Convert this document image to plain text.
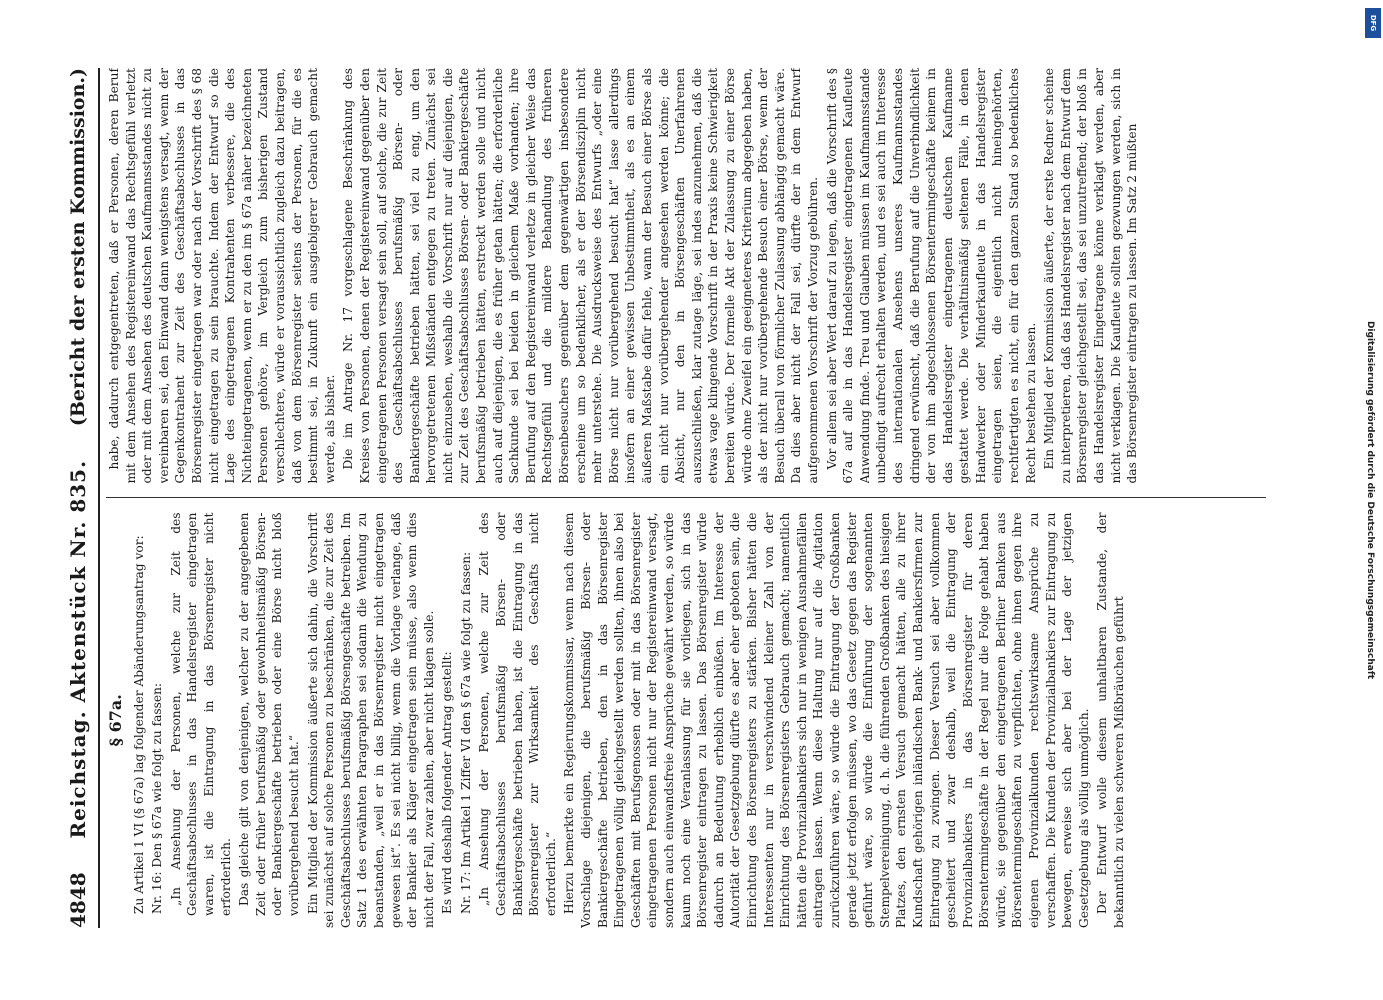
4848
Reichstag. Aktenstück Nr. 835.
(Bericht der ersten Kommission.)
§ 67a. Zu Artikel 1 VI (§ 67a) lag folgender Abänderungsantrag vor: Nr. 16: Den § 67a wie folgt zu fassen: „In Ansehung der Personen, welche zur Zeit des Geschäftsabschlusses in das Handelsregister eingetragen waren, ist die Eintragung in das Börsenregister nicht erforderlich. Das gleiche gilt von denjenigen, welcher zu der angegebenen Zeit oder früher berufsmäßig oder gewohnheitsmäßig Börsen- oder Bankiergeschäfte betrieben oder eine Börse nicht bloß vorübergehend besucht hat.“ Ein Mitglied der Kommission äußerte sich dahin, die Vorschrift sei zunächst auf solche Personen zu beschränken, die zur Zeit des Geschäftsabschlusses berufsmäßig Börsengeschäfte betreiben. Im Satz 1 des erwähnten Paragraphen sei sodann die Wendung zu beanstanden, „weil er in das Börsenregister nicht eingetragen gewesen ist“. Es sei nicht billig, wenn die Vorlage verlange, daß der Bankier als Kläger eingetragen sein müsse, also wenn dies nicht der Fall, zwar zahlen, aber nicht klagen solle. Es wird deshalb folgender Antrag gestellt: Nr. 17: Im Artikel 1 Ziffer VI den § 67a wie folgt zu fassen: „In Ansehung der Personen, welche zur Zeit des Geschäftsabschlusses berufsmäßig Börsen- oder Bankiergeschäfte betrieben haben, ist die Eintragung in das Börsenregister zur Wirksamkeit des Geschäfts nicht erforderlich.“ Hierzu bemerkte ein Regierungskommissar, wenn nach diesem Vorschlage diejenigen, die berufsmäßig Börsen- oder Bankiergeschäfte betrieben, den in das Börsenregister Eingetragenen völlig gleichgestellt werden sollten, ihnen also bei Geschäften mit Berufsgenossen oder mit in das Börsenregister eingetragenen Personen nicht nur der Registereinwand versagt, sondern auch einwandsfreie Ansprüche gewährt werden, so würde kaum noch eine Veranlassung für sie vorliegen, sich in das Börsenregister eintragen zu lassen. Das Börsenregister würde dadurch an Bedeutung erheblich einbüßen. Im Interesse der Autorität der Gesetzgebung dürfte es aber eher geboten sein, die Einrichtung des Börsenregisters zu stärken. Bisher hätten die Interessenten nur in verschwindend kleiner Zahl von der Einrichtung des Börsenregisters Gebrauch gemacht; namentlich hätten die Provinzialbankiers sich nur in wenigen Ausnahmefällen eintragen lassen. Wenn diese Haltung nur auf die Agitation zurückzuführen wäre, so würde die Eintragung der Großbanken gerade jetzt erfolgen müssen, wo das Gesetz gegen das Register geführt wäre, so würde die Einführung der sogenannten Stempelvereinigung, d. h. die führenden Großbanken des hiesigen Platzes, den ernsten Versuch gemacht hätten, alle zu ihrer Kundschaft gehörigen inländischen Bank- und Bankiersfirmen zur Eintragung zu zwingen. Dieser Versuch sei aber vollkommen gescheitert und zwar deshalb, weil die Eintragung der Provinzialbankiers in das Börsenregister für deren Börsentermingeschäfte in der Regel nur die Folge gehabt haben würde, sie gegenüber den eingetragenen Berliner Banken aus Börsentermingeschäften zu verpflichten, ohne ihnen gegen ihre eigenen Provinzialkunden rechtswirksame Ansprüche zu verschaffen. Die Kunden der Provinzialbankiers zur Eintragung zu bewegen, erweise sich aber bei der Lage der jetzigen Gesetzgebung als völlig unmöglich. Der Entwurf wolle diesem unhaltbaren Zustande, der bekanntlich zu vielen schweren Mißbräuchen geführt

habe, dadurch entgegentreten, daß er Personen, deren Beruf mit dem Ansehen des Registereinwand das Rechtsgefühl verletzt oder mit dem Ansehen des deutschen Kaufmannsstandes nicht zu vereinbaren sei, den Einwand dann wenigstens versagt, wenn der Gegenkontrahent zur Zeit des Geschäftsabschlusses in das Börsenregister eingetragen war oder nach der Vorschrift des § 68 nicht eingetragen zu sein brauchte. Indem der Entwurf so die Lage des eingetragenen Kontrahenten verbessere, die des Nichteingetragenen, wenn er zu den im § 67a näher bezeichneten Personen gehöre, im Vergleich zum bisherigen Zustand verschlechtere, würde er voraussichtlich zugleich dazu beitragen, daß von dem Börsenregister seitens der Personen, für die es bestimmt sei, in Zukunft ein ausgiebigerer Gebrauch gemacht werde, als bisher. Die im Antrage Nr. 17 vorgeschlagene Beschränkung des Kreises von Personen, denen der Registereinwand gegenüber den eingetragenen Personen versagt sein soll, auf solche, die zur Zeit des Geschäftsabschlusses berufsmäßig Börsen- oder Bankiergeschäfte betrieben hätten, sei viel zu eng, um den hervorgetretenen Mißständen entgegen zu treten. Zunächst sei nicht einzusehen, weshalb die Vorschrift nur auf diejenigen, die zur Zeit des Geschäftsabschlusses Börsen- oder Bankiergeschäfte berufsmäßig betrieben hätten, erstreckt werden solle und nicht auch auf diejenigen, die es früher getan hätten; die erforderliche Sachkunde sei bei beiden in gleichem Maße vorhanden; ihre Berufung auf den Registereinwand verletze in gleicher Weise das Rechtsgefühl und die mildere Behandlung des früheren Börsenbesuchers gegenüber dem gegenwärtigen insbesondere erscheine um so bedenklicher, als er der Börsendisziplin nicht mehr unterstehe. Die Ausdrucksweise des Entwurfs „oder eine Börse nicht nur vorübergehend besucht hat“ lasse allerdings insofern an einer gewissen Unbestimmtheit, als es an einem äußeren Maßstabe dafür fehle, wann der Besuch einer Börse als ein nicht nur vorübergehender angesehen werden könne; die Absicht, nur den in Börsengeschäften Unerfahrenen auszuschließen, klar zutage läge, sei indes anzunehmen, daß die etwas vage klingende Vorschrift in der Praxis keine Schwierigkeit bereiten würde. Der formelle Akt der Zulassung zu einer Börse würde ohne Zweifel ein geeigneteres Kriterium abgegeben haben, als der nicht nur vorübergehende Besuch einer Börse, wenn der Besuch überall von förmlicher Zulassung abhängig gemacht wäre. Da dies aber nicht der Fall sei, dürfte der in dem Entwurf aufgenommenen Vorschrift der Vorzug gebühren. Vor allem sei aber Wert darauf zu legen, daß die Vorschrift des § 67a auf alle in das Handelsregister eingetragenen Kaufleute Anwendung finde. Treu und Glauben müssen im Kaufmannsstande unbedingt aufrecht erhalten werden, und es sei auch im Interesse des internationalen Ansehens unseres Kaufmannsstandes dringend erwünscht, daß die Berufung auf die Unverbindlichkeit der von ihm abgeschlossenen Börsentermingeschäfte keinem in das Handelsregister eingetragenen deutschen Kaufmanne gestattet werde. Die verhältnismäßig seltenen Fälle, in denen Handwerker oder Minderkaufleute in das Handelsregister eingetragen seien, die eigentlich nicht hineingehörten, rechtfertigten es nicht, ein für den ganzen Stand so bedenkliches Recht bestehen zu lassen. Ein Mitglied der Kommission äußerte, der erste Redner scheine zu interpretieren, daß das Handelsregister nach dem Entwurf dem Börsenregister gleichgestellt sei, das sei unzutreffend; der bloß in das Handelsregister Eingetragene könne verklagt werden, aber nicht verklagen. Die Kaufleute sollten gezwungen werden, sich in das Börsenregister eintragen zu lassen. Im Satz 2 müßten

DFG
Digitalisierung gefördert durch die Deutsche Forschungsgemeinschaft
